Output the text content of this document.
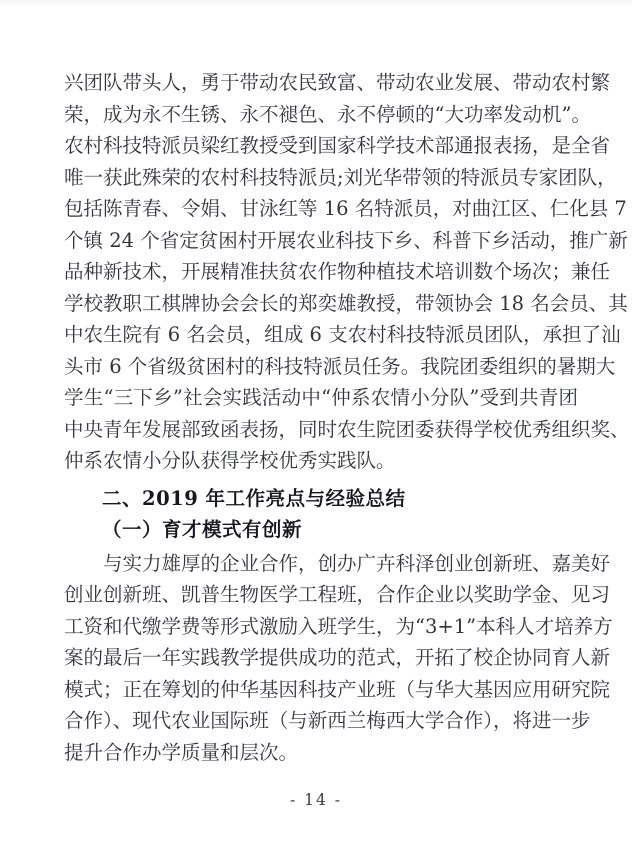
兴团队带头人，勇于带动农民致富、带动农业发展、带动农村繁
荣，成为永不生锈、永不褪色、永不停顿的“大功率发动机”。
农村科技特派员梁红教授受到国家科学技术部通报表扬，是全省
唯一获此殊荣的农村科技特派员;刘光华带领的特派员专家团队，
包括陈青春、令娟、甘泳红等 16 名特派员，对曲江区、仁化县 7
个镇 24 个省定贫困村开展农业科技下乡、科普下乡活动，推广新
品种新技术，开展精准扶贫农作物种植技术培训数个场次；兼任
学校教职工棋牌协会会长的郑奕雄教授，带领协会 18 名会员、其
中农生院有 6 名会员，组成 6 支农村科技特派员团队，承担了汕
头市 6 个省级贫困村的科技特派员任务。我院团委组织的暑期大
学生“三下乡”社会实践活动中“仲系农情小分队”受到共青团
中央青年发展部致函表扬，同时农生院团委获得学校优秀组织奖、
仲系农情小分队获得学校优秀实践队。
二、2019 年工作亮点与经验总结
（一）育才模式有创新
与实力雄厚的企业合作，创办广卉科泽创业创新班、嘉美好
创业创新班、凯普生物医学工程班，合作企业以奖助学金、见习
工资和代缴学费等形式激励入班学生，为“3+1”本科人才培养方
案的最后一年实践教学提供成功的范式，开拓了校企协同育人新
模式；正在筹划的仲华基因科技产业班（与华大基因应用研究院
合作）、现代农业国际班（与新西兰梅西大学合作），将进一步
提升合作办学质量和层次。
- 14 -
